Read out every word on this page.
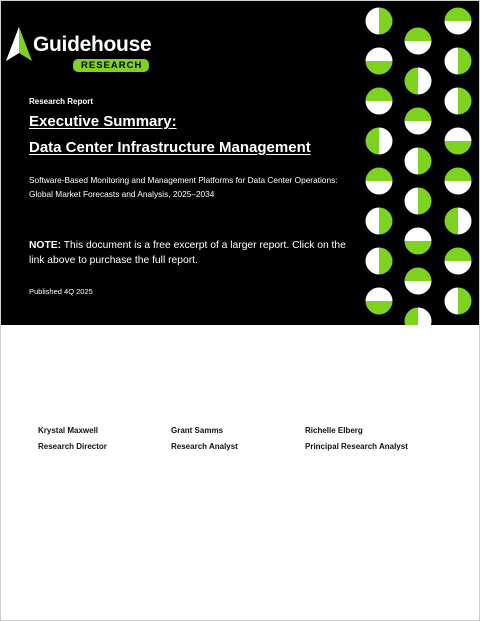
Guidehouse
RESEARCH
Research Report
Executive Summary:
Data Center Infrastructure Management
Software-Based Monitoring and Management Platforms for Data Center Operations: Global Market Forecasts and Analysis, 2025–2034
NOTE: This document is a free excerpt of a larger report. Click on the link above to purchase the full report.
Published 4Q 2025
Krystal Maxwell
Research Director
Grant Samms
Research Analyst
Richelle Elberg
Principal Research Analyst
